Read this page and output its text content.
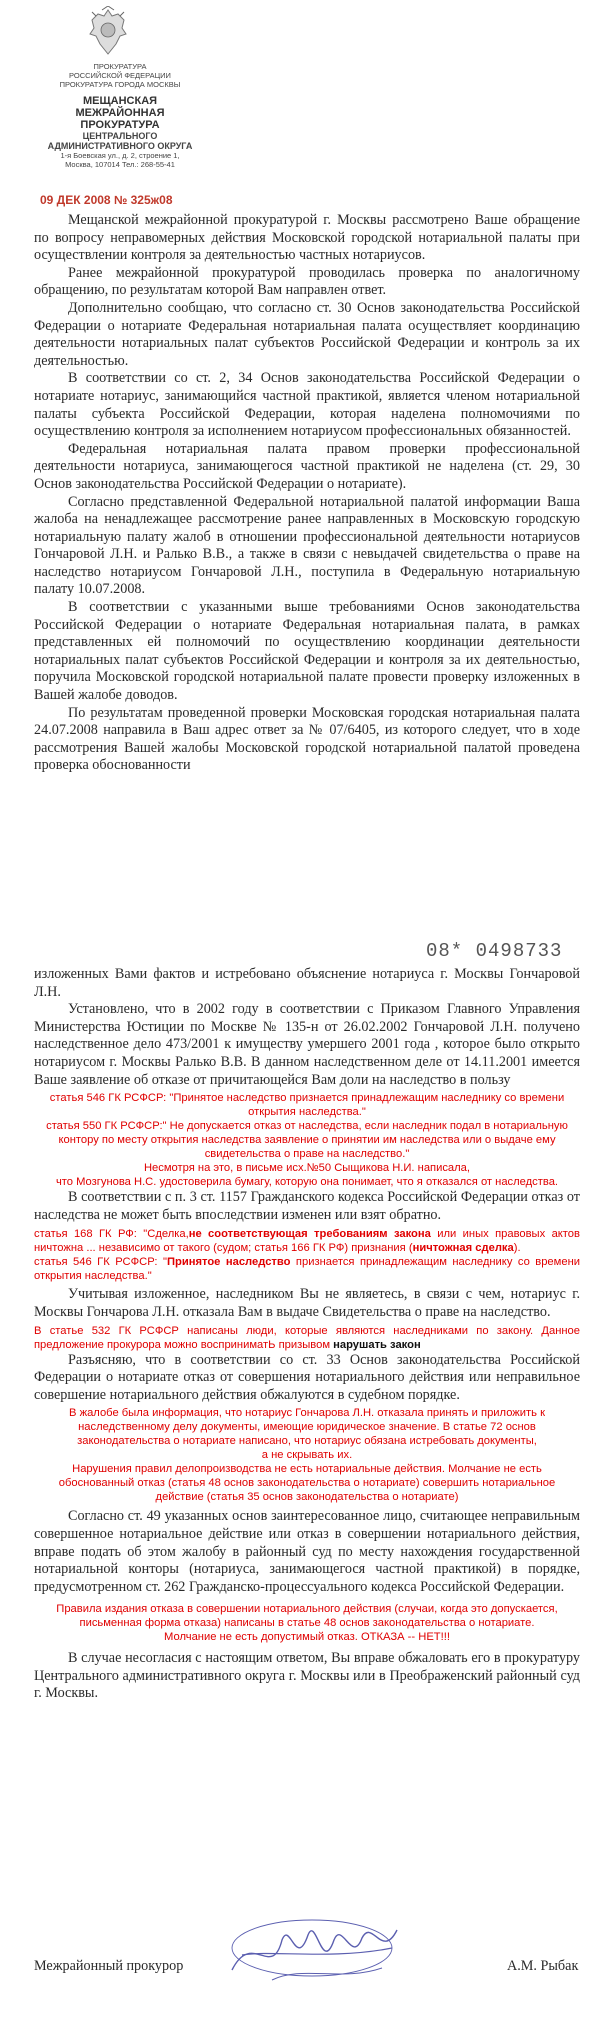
ПРОКУРАТУРА
РОССИЙСКОЙ ФЕДЕРАЦИИ
ПРОКУРАТУРА ГОРОДА МОСКВЫ
МЕЩАНСКАЯ
МЕЖРАЙОННАЯ
ПРОКУРАТУРА
ЦЕНТРАЛЬНОГО
АДМИНИСТРАТИВНОГО ОКРУГА
1-я Боевская ул., д. 2, строение 1,
Москва, 107014 Тел.: 268-55-41
09 ДЕК 2008 № 325ж08

Мещанской межрайонной прокуратурой г. Москвы рассмотрено Ваше обращение по вопросу неправомерных действия Московской городской нотариальной палаты при осуществлении контроля за деятельностью частных нотариусов.

Ранее межрайонной прокуратурой проводилась проверка по аналогичному обращению, по результатам которой Вам направлен ответ.

Дополнительно сообщаю, что согласно ст. 30 Основ законодательства Российской Федерации о нотариате Федеральная нотариальная палата осуществляет координацию деятельности нотариальных палат субъектов Российской Федерации и контроль за их деятельностью.

В соответствии со ст. 2, 34 Основ законодательства Российской Федерации о нотариате нотариус, занимающийся частной практикой, является членом нотариальной палаты субъекта Российской Федерации, которая наделена полномочиями по осуществлению контроля за исполнением нотариусом профессиональных обязанностей.

Федеральная нотариальная палата правом проверки профессиональной деятельности нотариуса, занимающегося частной практикой не наделена (ст. 29, 30 Основ законодательства Российской Федерации о нотариате).

Согласно представленной Федеральной нотариальной палатой информации Ваша жалоба на ненадлежащее рассмотрение ранее направленных в Московскую городскую нотариальную палату жалоб в отношении профессиональной деятельности нотариусов Гончаровой Л.Н. и Ралько В.В., а также в связи с невыдачей свидетельства о праве на наследство нотариусом Гончаровой Л.Н., поступила в Федеральную нотариальную палату 10.07.2008.

В соответствии с указанными выше требованиями Основ законодательства Российской Федерации о нотариате Федеральная нотариальная палата, в рамках представленных ей полномочий по осуществлению координации деятельности нотариальных палат субъектов Российской Федерации и контроля за их деятельностью, поручила Московской городской нотариальной палате провести проверку изложенных в Вашей жалобе доводов.

По результатам проведенной проверки Московская городская нотариальная палата 24.07.2008 направила в Ваш адрес ответ за № 07/6405, из которого следует, что в ходе рассмотрения Вашей жалобы Московской городской нотариальной палатой проведена проверка обоснованности

08* 0498733

изложенных Вами фактов и истребовано объяснение нотариуса г. Москвы Гончаровой Л.Н.

Установлено, что в 2002 году в соответствии с Приказом Главного Управления Министерства Юстиции по Москве № 135-н от 26.02.2002 Гончаровой Л.Н. получено наследственное дело 473/2001 к имуществу умершего 2001 года , которое было открыто нотариусом г. Москвы Ралько В.В. В данном наследственном деле от 14.11.2001 имеется Ваше заявление об отказе от причитающейся Вам доли на наследство в пользу

статья 546 ГК РСФСР: "Принятое наследство признается принадлежащим наследнику со времени открытия наследства."
статья 550 ГК РСФСР:" Не допускается отказ от наследства, если наследник подал в нотариальную контору по месту открытия наследства заявление о принятии им наследства или о выдаче ему свидетельства о праве на наследство."
Несмотря на это, в письме исх.№50 Сыщикова Н.И. написала,
что Мозгунова Н.С. удостоверила бумагу, которую она понимает, что я отказался от наследства.

В соответствии с п. 3 ст. 1157 Гражданского кодекса Российской Федерации отказ от наследства не может быть впоследствии изменен или взят обратно.

статья 168 ГК РФ: "Сделка,не соответствующая требованиям закона или иных правовых актов ничтожна ... независимо от такого (судом; статья 166 ГК РФ) признания (ничтожная сделка).
статья 546 ГК РСФСР: "Принятое наследство признается принадлежащим наследнику со времени открытия наследства."

Учитывая изложенное, наследником Вы не являетесь, в связи с чем, нотариус г. Москвы Гончарова Л.Н. отказала Вам в выдаче Свидетельства о праве на наследство.

В статье 532 ГК РСФСР написаны люди, которые являются наследниками по закону. Данное предложение прокурора можно восприниматЬ призывом нарушать закон

Разъясняю, что в соответствии со ст. 33 Основ законодательства Российской Федерации о нотариате отказ от совершения нотариального действия или неправильное совершение нотариального действия обжалуются в судебном порядке.

В жалобе была информация, что нотариус Гончарова Л.Н. отказала принять и приложить к наследственному делу документы, имеющие юридическое значение. В статье 72 основ законодательства о нотариате написано, что нотариус обязана истребовать документы,
а не скрывать их.
Нарушения правил делопроизводства не есть нотариальные действия. Молчание не есть обоснованный отказ (статья 48 основ законодательства о нотариате) совершить нотариальное действие (статья 35 основ законодательства о нотариате)

Согласно ст. 49 указанных основ заинтересованное лицо, считающее неправильным совершенное нотариальное действие или отказ в совершении нотариального действия, вправе подать об этом жалобу в районный суд по месту нахождения государственной нотариальной конторы (нотариуса, занимающегося частной практикой) в порядке, предусмотренном ст. 262 Гражданско-процессуального кодекса Российской Федерации.

Правила издания отказа в совершении нотариального действия (случаи, когда это допускается, письменная форма отказа) написаны в статье 48 основ законодательства о нотариате.
Молчание не есть допустимый отказ. ОТКАЗА -- НЕТ!!!

В случае несогласия с настоящим ответом, Вы вправе обжаловать его в прокуратуру Центрального административного округа г. Москвы или в Преображенский районный суд г. Москвы.

Межрайонный прокурор	А.М. Рыбак
